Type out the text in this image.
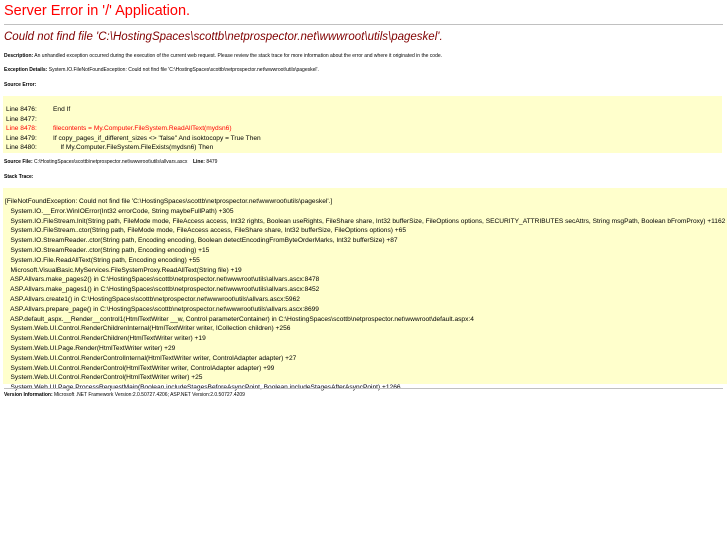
Server Error in '/' Application.
Could not find file 'C:\HostingSpaces\scottb\netprospector.net\wwwroot\utils\pageskel'.
Description: An unhandled exception occurred during the execution of the current web request. Please review the stack trace for more information about the error and where it originated in the code.
Exception Details: System.IO.FileNotFoundException: Could not find file 'C:\HostingSpaces\scottb\netprospector.net\wwwroot\utils\pageskel'.
Source Error:
Line 8476:	End If
Line 8477:
Line 8478:	filecontents = My.Computer.FileSystem.ReadAllText(mydsn6)
Line 8479:	If copy_pages_if_different_sizes <> "false" And isoktocopy = True Then
Line 8480:	If My.Computer.FileSystem.FileExists(mydsn6) Then
Source File: C:\HostingSpaces\scottb\netprospector.net\wwwroot\utils\allvars.ascx Line: 8479
Stack Trace:
[FileNotFoundException: Could not find file 'C:\HostingSpaces\scottb\netprospector.net\wwwroot\utils\pageskel'.]
System.IO.__Error.WinIOError(Int32 errorCode, String maybeFullPath) +305
System.IO.FileStream.Init(String path, FileMode mode, FileAccess access, Int32 rights, Boolean useRights, FileShare share, Int32 bufferSize, FileOptions options, SECURITY_ATTRIBUTES secAttrs, String msgPath, Boolean bFromProxy) +1162
System.IO.FileStream..ctor(String path, FileMode mode, FileAccess access, FileShare share, Int32 bufferSize, FileOptions options) +65
System.IO.StreamReader..ctor(String path, Encoding encoding, Boolean detectEncodingFromByteOrderMarks, Int32 bufferSize) +87
System.IO.StreamReader..ctor(String path, Encoding encoding) +15
System.IO.File.ReadAllText(String path, Encoding encoding) +55
Microsoft.VisualBasic.MyServices.FileSystemProxy.ReadAllText(String file) +19
ASP.Allvars.make_pages2() in C:\HostingSpaces\scottb\netprospector.net\wwwroot\utils\allvars.ascx:8478
ASP.Allvars.make_pages1() in C:\HostingSpaces\scottb\netprospector.net\wwwroot\utils\allvars.ascx:8452
ASP.Allvars.create1() in C:\HostingSpaces\scottb\netprospector.net\wwwroot\utils\allvars.ascx:5962
ASP.Allvars.prepare_page() in C:\HostingSpaces\scottb\netprospector.net\wwwroot\utils\allvars.ascx:8699
ASP.default_aspx.__Render__control1(HtmlTextWriter __w, Control parameterContainer) in C:\HostingSpaces\scottb\netprospector.net\wwwroot\default.aspx:4
System.Web.UI.Control.RenderChildrenInternal(HtmlTextWriter writer, ICollection children) +256
System.Web.UI.Control.RenderChildren(HtmlTextWriter writer) +19
System.Web.UI.Page.Render(HtmlTextWriter writer) +29
System.Web.UI.Control.RenderControlInternal(HtmlTextWriter writer, ControlAdapter adapter) +27
System.Web.UI.Control.RenderControl(HtmlTextWriter writer, ControlAdapter adapter) +99
System.Web.UI.Control.RenderControl(HtmlTextWriter writer) +25
Version Information: Microsoft .NET Framework Version:2.0.50727.4206; ASP.NET Version:2.0.50727.4209
